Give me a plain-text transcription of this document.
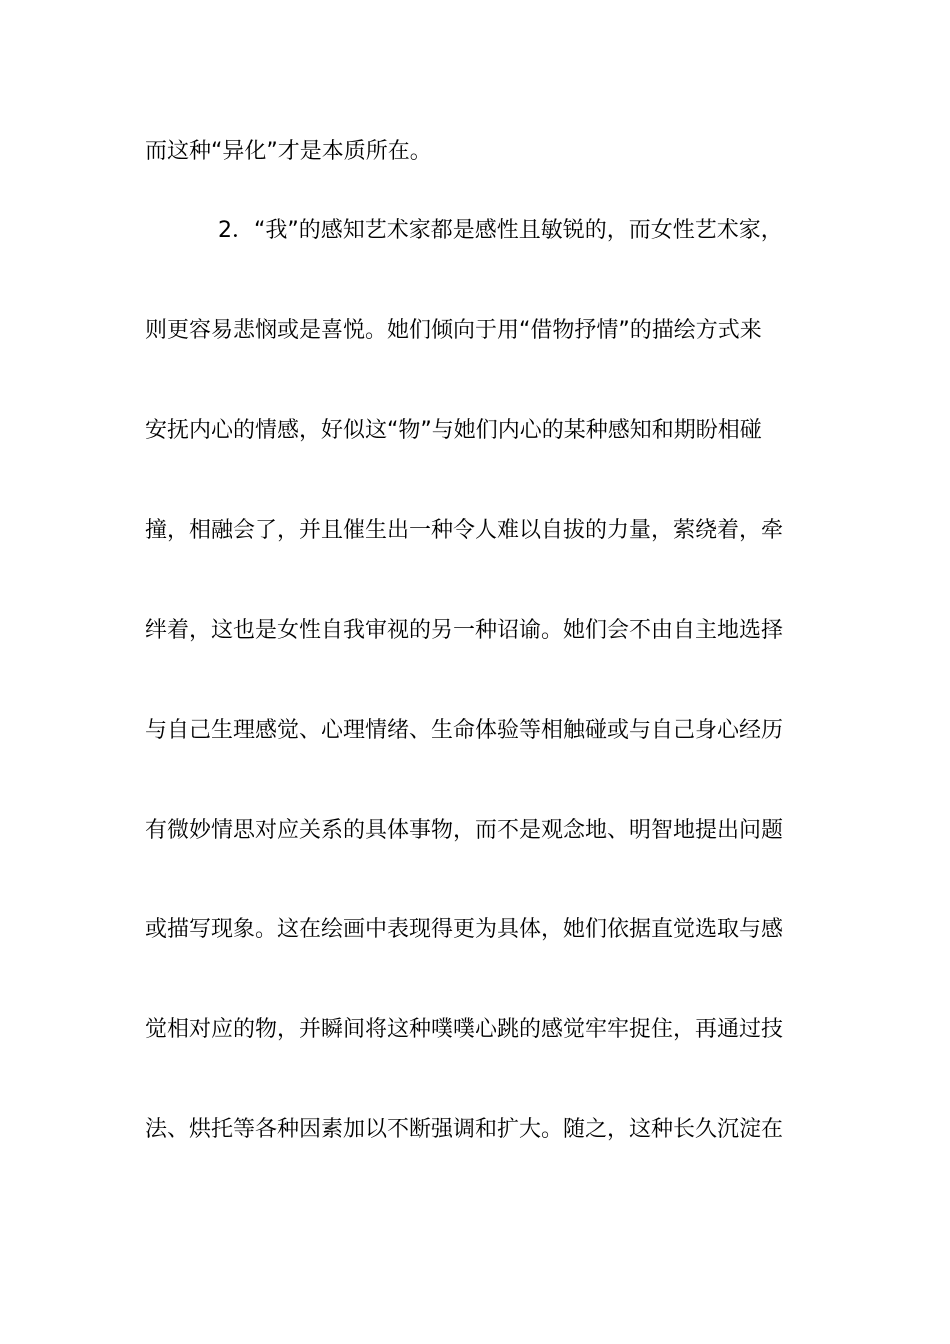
而这种“异化”才是本质所在。
2．“我”的感知艺术家都是感性且敏锐的，而女性艺术家，
则更容易悲悯或是喜悦。她们倾向于用“借物抒情”的描绘方式来
安抚内心的情感，好似这“物”与她们内心的某种感知和期盼相碰
撞，相融会了，并且催生出一种令人难以自拔的力量，萦绕着，牵
绊着，这也是女性自我审视的另一种诏谕。她们会不由自主地选择
与自己生理感觉、心理情绪、生命体验等相触碰或与自己身心经历
有微妙情思对应关系的具体事物，而不是观念地、明智地提出问题
或描写现象。这在绘画中表现得更为具体，她们依据直觉选取与感
觉相对应的物，并瞬间将这种噗噗心跳的感觉牢牢捉住，再通过技
法、烘托等各种因素加以不断强调和扩大。随之，这种长久沉淀在
